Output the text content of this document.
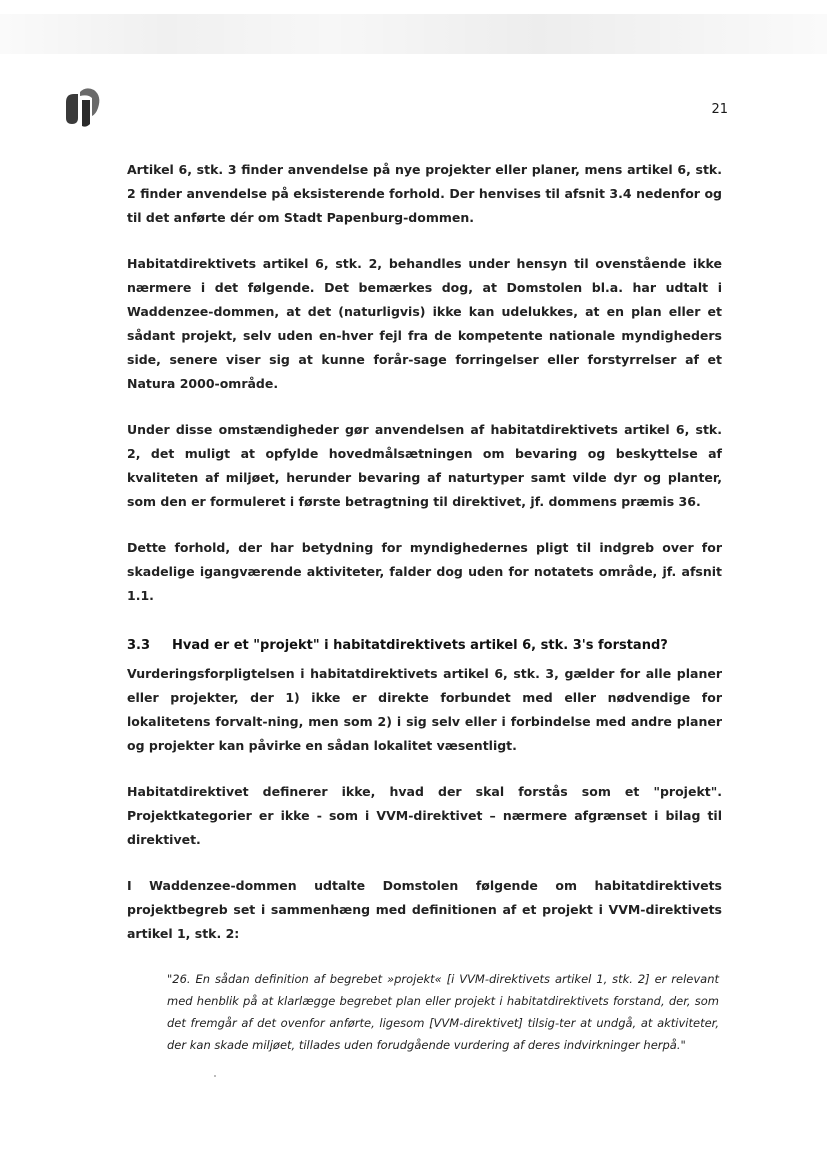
21

Artikel 6, stk. 3 finder anvendelse på nye projekter eller planer, mens artikel 6, stk. 2 finder anvendelse på eksisterende forhold. Der henvises til afsnit 3.4 nedenfor og til det anførte dér om Stadt Papenburg-dommen.

Habitatdirektivets artikel 6, stk. 2, behandles under hensyn til ovenstående ikke nærmere i det følgende. Det bemærkes dog, at Domstolen bl.a. har udtalt i Waddenzee-dommen, at det (naturligvis) ikke kan udelukkes, at en plan eller et sådant projekt, selv uden en-hver fejl fra de kompetente nationale myndigheders side, senere viser sig at kunne forår-sage forringelser eller forstyrrelser af et Natura 2000-område.

Under disse omstændigheder gør anvendelsen af habitatdirektivets artikel 6, stk. 2, det muligt at opfylde hovedmålsætningen om bevaring og beskyttelse af kvaliteten af miljøet, herunder bevaring af naturtyper samt vilde dyr og planter, som den er formuleret i første betragtning til direktivet, jf. dommens præmis 36.

Dette forhold, der har betydning for myndighedernes pligt til indgreb over for skadelige igangværende aktiviteter, falder dog uden for notatets område, jf. afsnit 1.1.

3.3	Hvad er et "projekt" i habitatdirektivets artikel 6, stk. 3's forstand?

Vurderingsforpligtelsen i habitatdirektivets artikel 6, stk. 3, gælder for alle planer eller projekter, der 1) ikke er direkte forbundet med eller nødvendige for lokalitetens forvalt-ning, men som 2) i sig selv eller i forbindelse med andre planer og projekter kan påvirke en sådan lokalitet væsentligt.

Habitatdirektivet definerer ikke, hvad der skal forstås som et "projekt". Projektkategorier er ikke - som i VVM-direktivet – nærmere afgrænset i bilag til direktivet.

I Waddenzee-dommen udtalte Domstolen følgende om habitatdirektivets projektbegreb set i sammenhæng med definitionen af et projekt i VVM-direktivets artikel 1, stk. 2:

"26. En sådan definition af begrebet »projekt« [i VVM-direktivets artikel 1, stk. 2] er relevant med henblik på at klarlægge begrebet plan eller projekt i habitatdirektivets forstand, der, som det fremgår af det ovenfor anførte, ligesom [VVM-direktivet] tilsig-ter at undgå, at aktiviteter, der kan skade miljøet, tillades uden forudgående vurdering af deres indvirkninger herpå."
